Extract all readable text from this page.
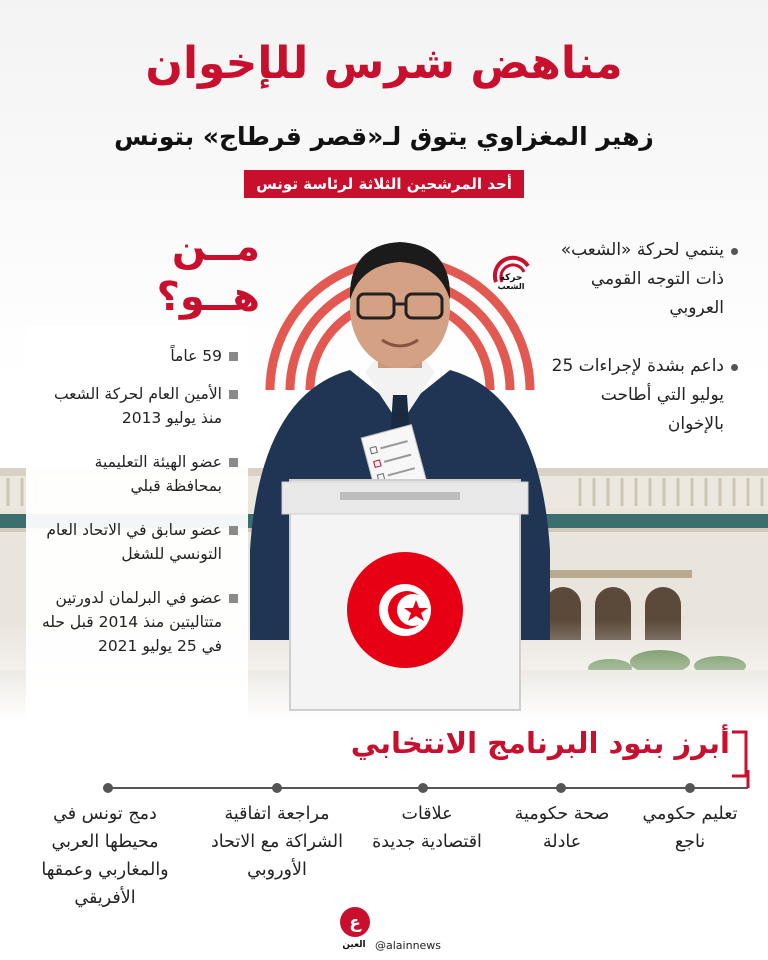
مناهض شرس للإخوان
زهير المغزاوي يتوق لـ«قصر قرطاج» بتونس
أحد المرشحين الثلاثة لرئاسة تونس
مــن
هــو؟
59 عاماً
الأمين العام لحركة الشعب منذ يوليو 2013
عضو الهيئة التعليمية بمحافظة قبلي
عضو سابق في الاتحاد العام التونسي للشغل
عضو في البرلمان لدورتين متتاليتين منذ 2014 قبل حله في 25 يوليو 2021
ينتمي لحركة «الشعب» ذات التوجه القومي العروبي
داعم بشدة لإجراءات 25 يوليو التي أطاحت بالإخوان
حركة
الشعب
أبرز بنود البرنامج الانتخابي
تعليم حكومي ناجع
صحة حكومية عادلة
علاقات اقتصادية جديدة
مراجعة اتفاقية الشراكة مع الاتحاد الأوروبي
دمج تونس في محيطها العربي والمغاربي وعمقها الأفريقي
ع
العين @alainnews
